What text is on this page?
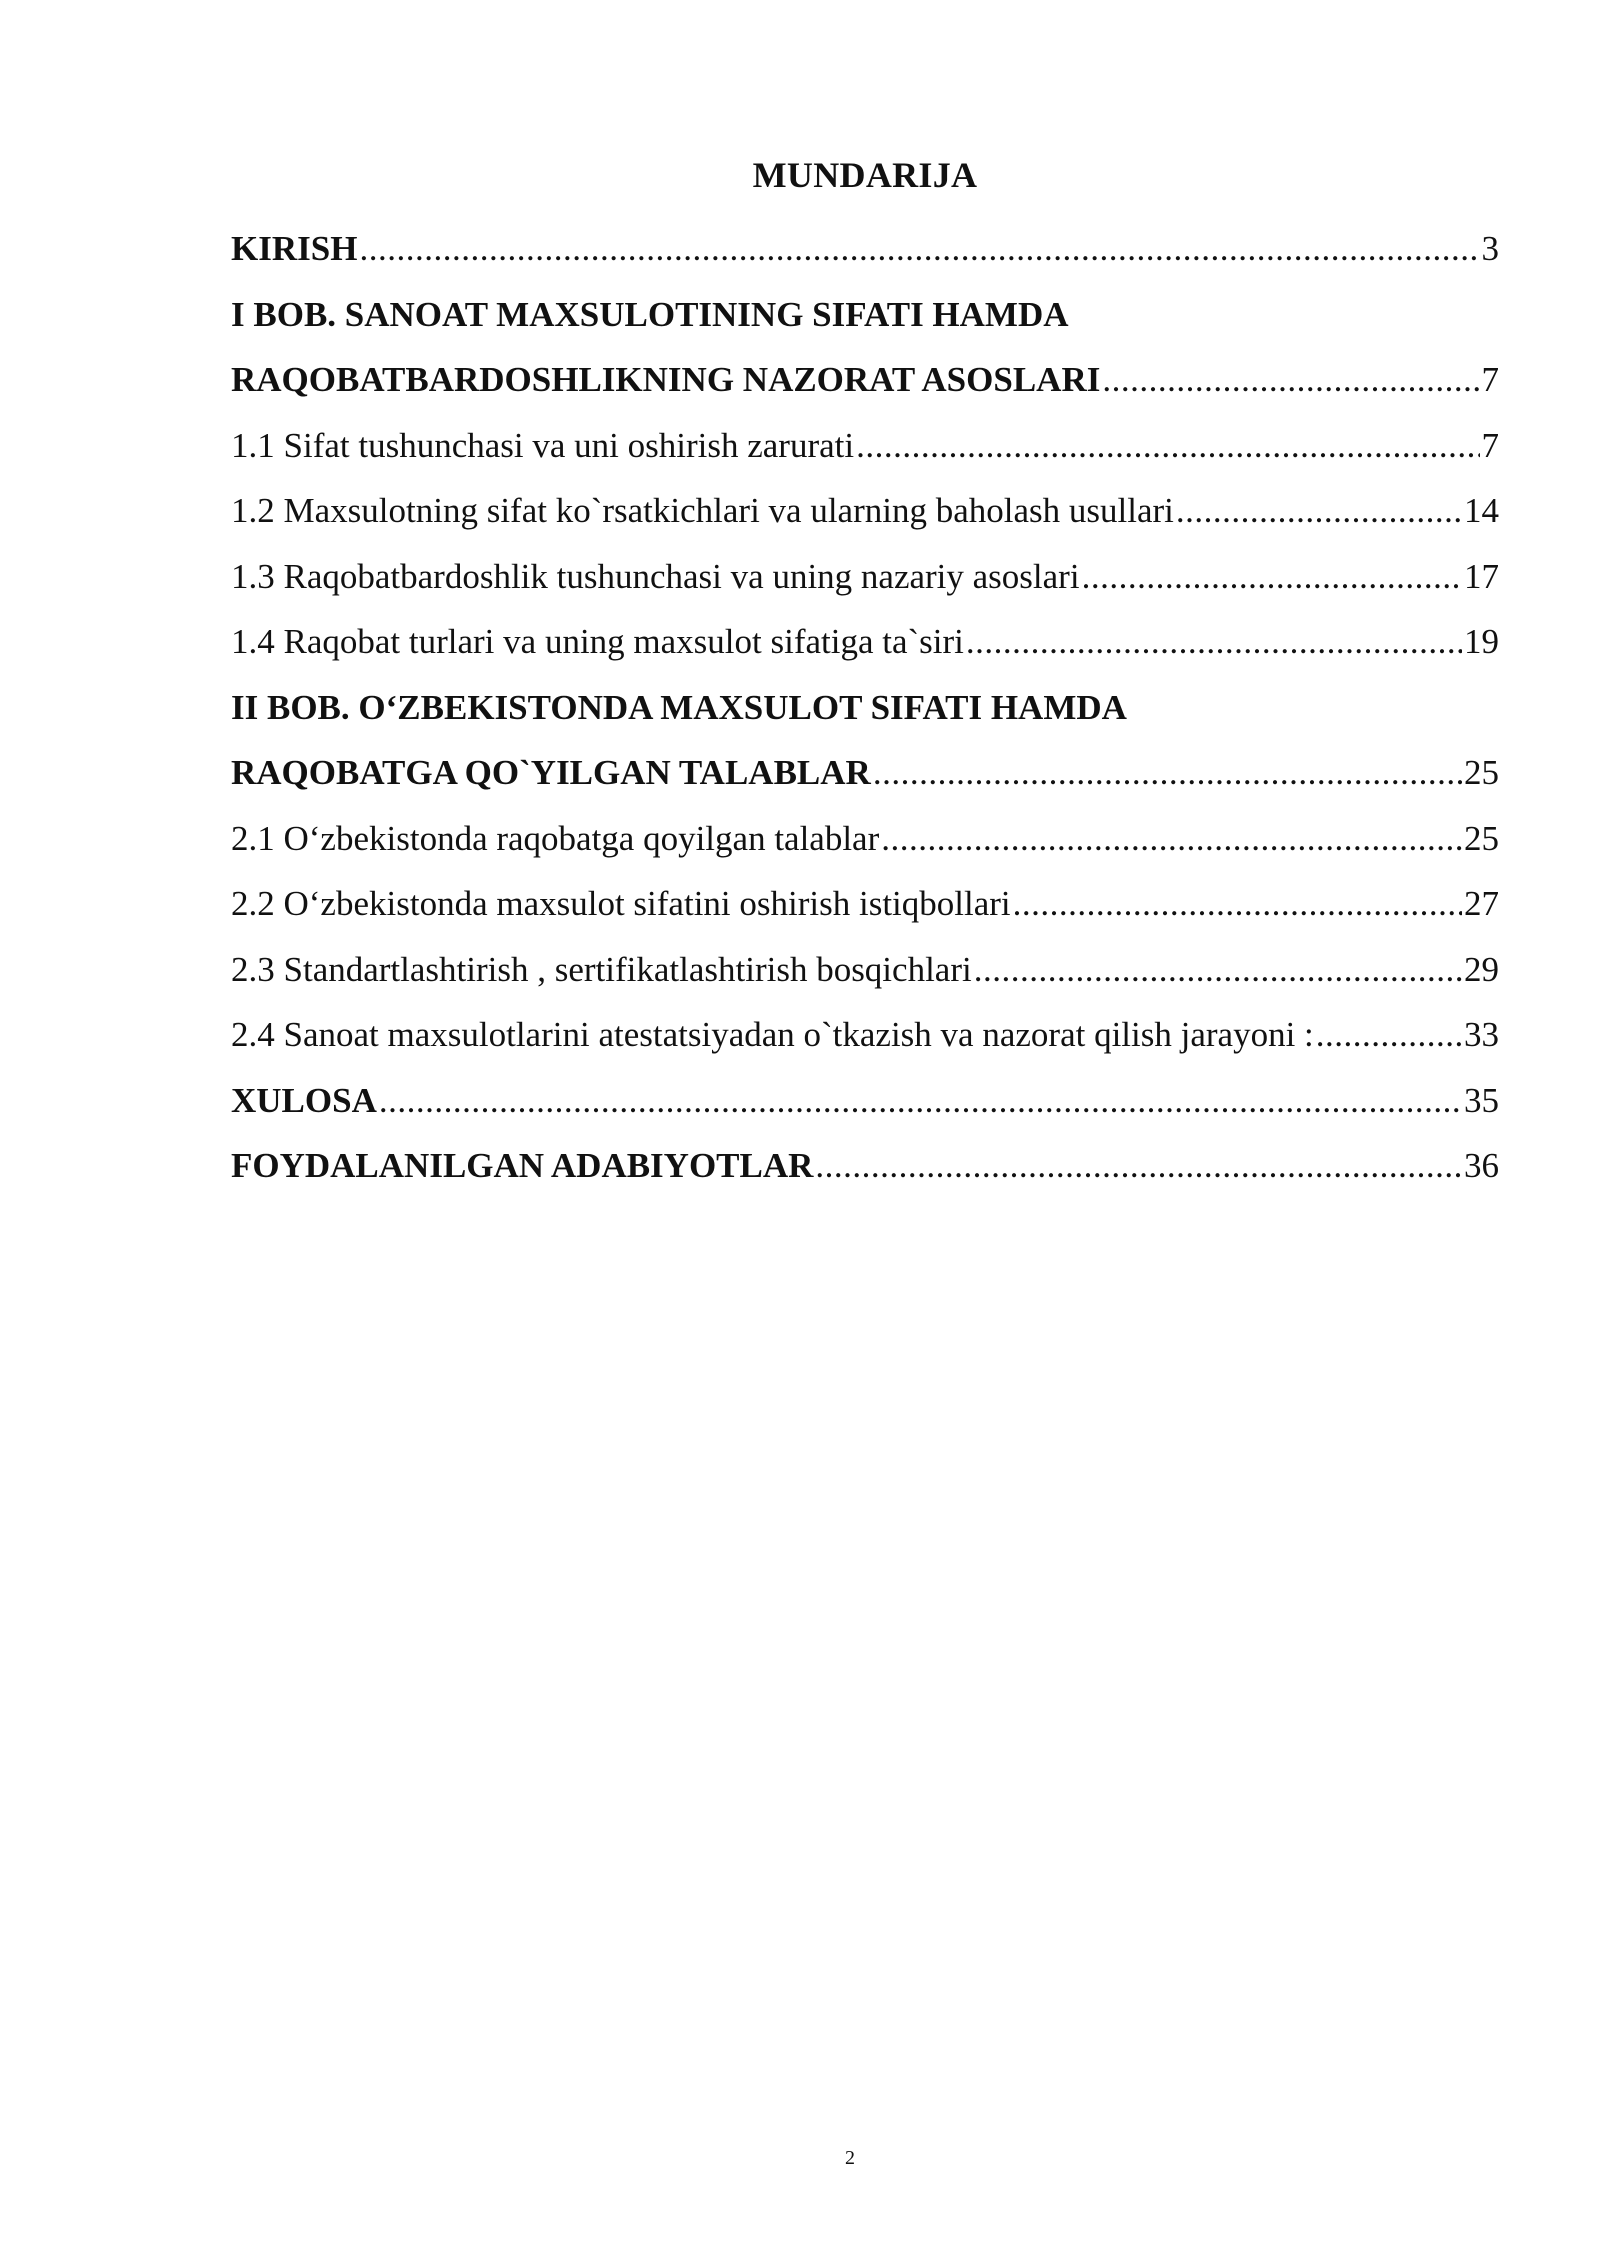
MUNDARIJA
KIRISH .....	3
I BOB. SANOAT MAXSULOTINING SIFATI HAMDA
RAQOBATBARDOSHLIKNING NAZORAT ASOSLARI .....	7
1.1 Sifat tushunchasi va uni oshirish zarurati .....	7
1.2 Maxsulotning sifat ko`rsatkichlari va ularning baholash usullari .....	14
1.3 Raqobatbardoshlik tushunchasi va uning nazariy asoslari .....	17
1.4 Raqobat turlari va uning maxsulot sifatiga ta`siri .....	19
II BOB. O‘ZBEKISTONDA MAXSULOT SIFATI HAMDA
RAQOBATGA QO`YILGAN TALABLAR .....	25
2.1 O‘zbekistonda raqobatga qoyilgan talablar .....	25
2.2 O‘zbekistonda maxsulot sifatini oshirish istiqbollari .....	27
2.3 Standartlashtirish , sertifikatlashtirish bosqichlari .....	29
2.4 Sanoat maxsulotlarini atestatsiyadan o`tkazish va nazorat qilish jarayoni : .....	33
XULOSA .....	35
FOYDALANILGAN ADABIYOTLAR .....	36
2
